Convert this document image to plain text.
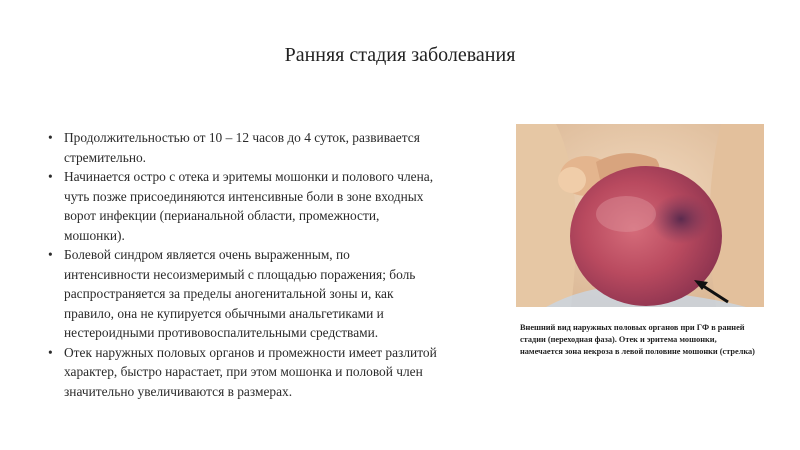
Ранняя стадия заболевания
• Продолжительностью от 10 – 12 часов до 4 суток, развивается стремительно.
• Начинается остро с отека и эритемы мошонки и полового члена, чуть позже присоединяются интенсивные боли в зоне входных ворот инфекции (перианальной области, промежности, мошонки).
• Болевой синдром является очень выраженным, по интенсивности несоизмеримый с площадью поражения; боль распространяется за пределы аногенитальной зоны и, как правило, она не купируется обычными анальгетиками и нестероидными противовоспалительными средствами.
• Отек наружных половых органов и промежности имеет разлитой характер, быстро нарастает, при этом мошонка и половой член значительно увеличиваются в размерах.
Внешний вид наружных половых органов при ГФ в ранней стадии (переходная фаза). Отек и эритема мошонки, намечается зона некроза в левой половине мошонки (стрелка)
